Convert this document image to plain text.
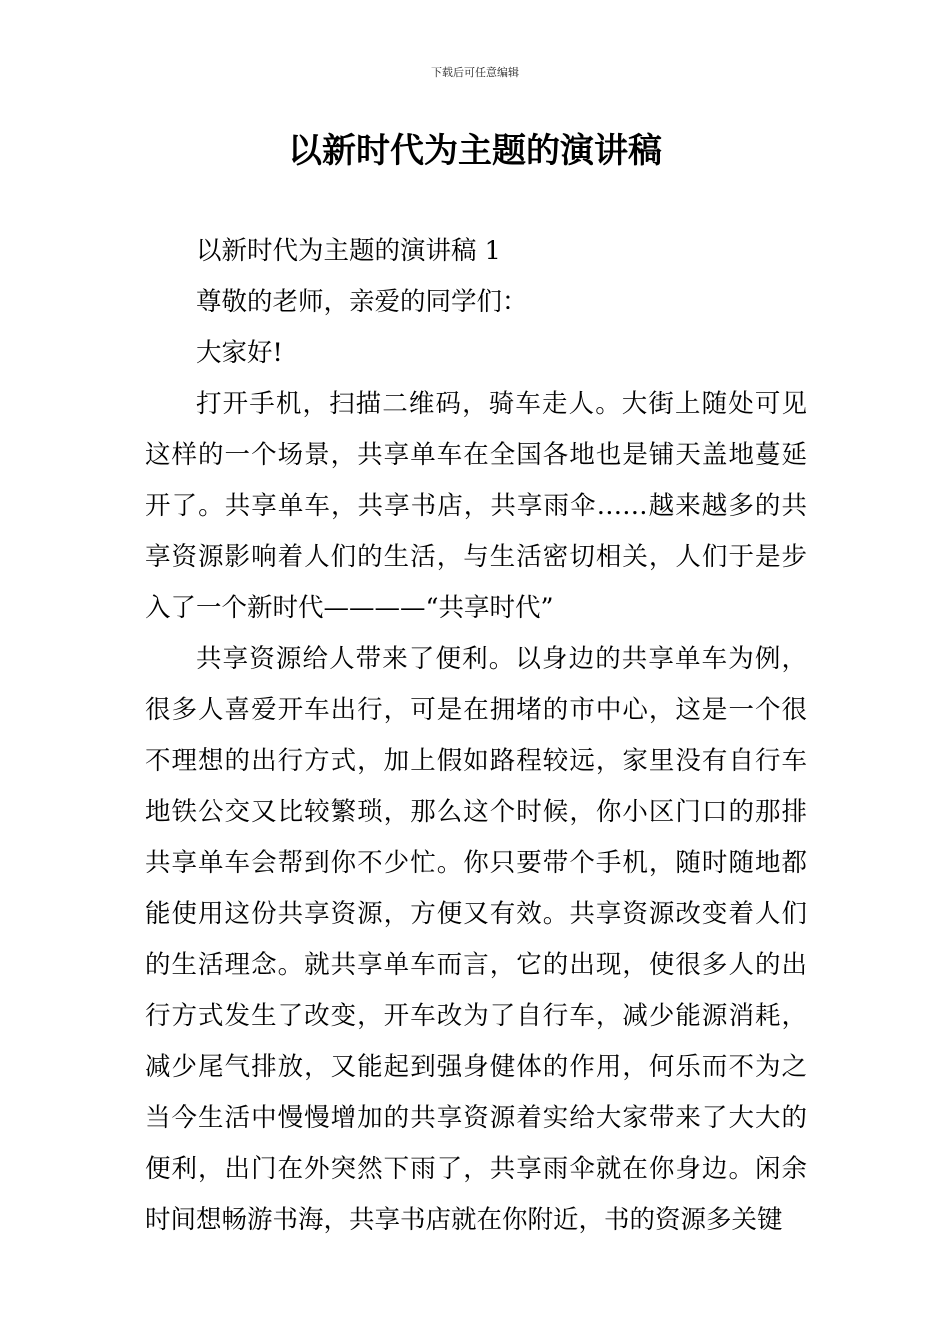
下载后可任意编辑
以新时代为主题的演讲稿

以新时代为主题的演讲稿 1

尊敬的老师，亲爱的同学们：

大家好!

打开手机，扫描二维码，骑车走人。大街上随处可见这样的一个场景，共享单车在全国各地也是铺天盖地蔓延开了。共享单车，共享书店，共享雨伞……越来越多的共享资源影响着人们的生活，与生活密切相关，人们于是步入了一个新时代————“共享时代”

共享资源给人带来了便利。以身边的共享单车为例，很多人喜爱开车出行，可是在拥堵的市中心，这是一个很不理想的出行方式，加上假如路程较远，家里没有自行车地铁公交又比较繁琐，那么这个时候，你小区门口的那排共享单车会帮到你不少忙。你只要带个手机，随时随地都能使用这份共享资源，方便又有效。共享资源改变着人们的生活理念。就共享单车而言，它的出现，使很多人的出行方式发生了改变，开车改为了自行车，减少能源消耗，减少尾气排放，又能起到强身健体的作用，何乐而不为之当今生活中慢慢增加的共享资源着实给大家带来了大大的便利，出门在外突然下雨了，共享雨伞就在你身边。闲余时间想畅游书海，共享书店就在你附近，书的资源多关键
